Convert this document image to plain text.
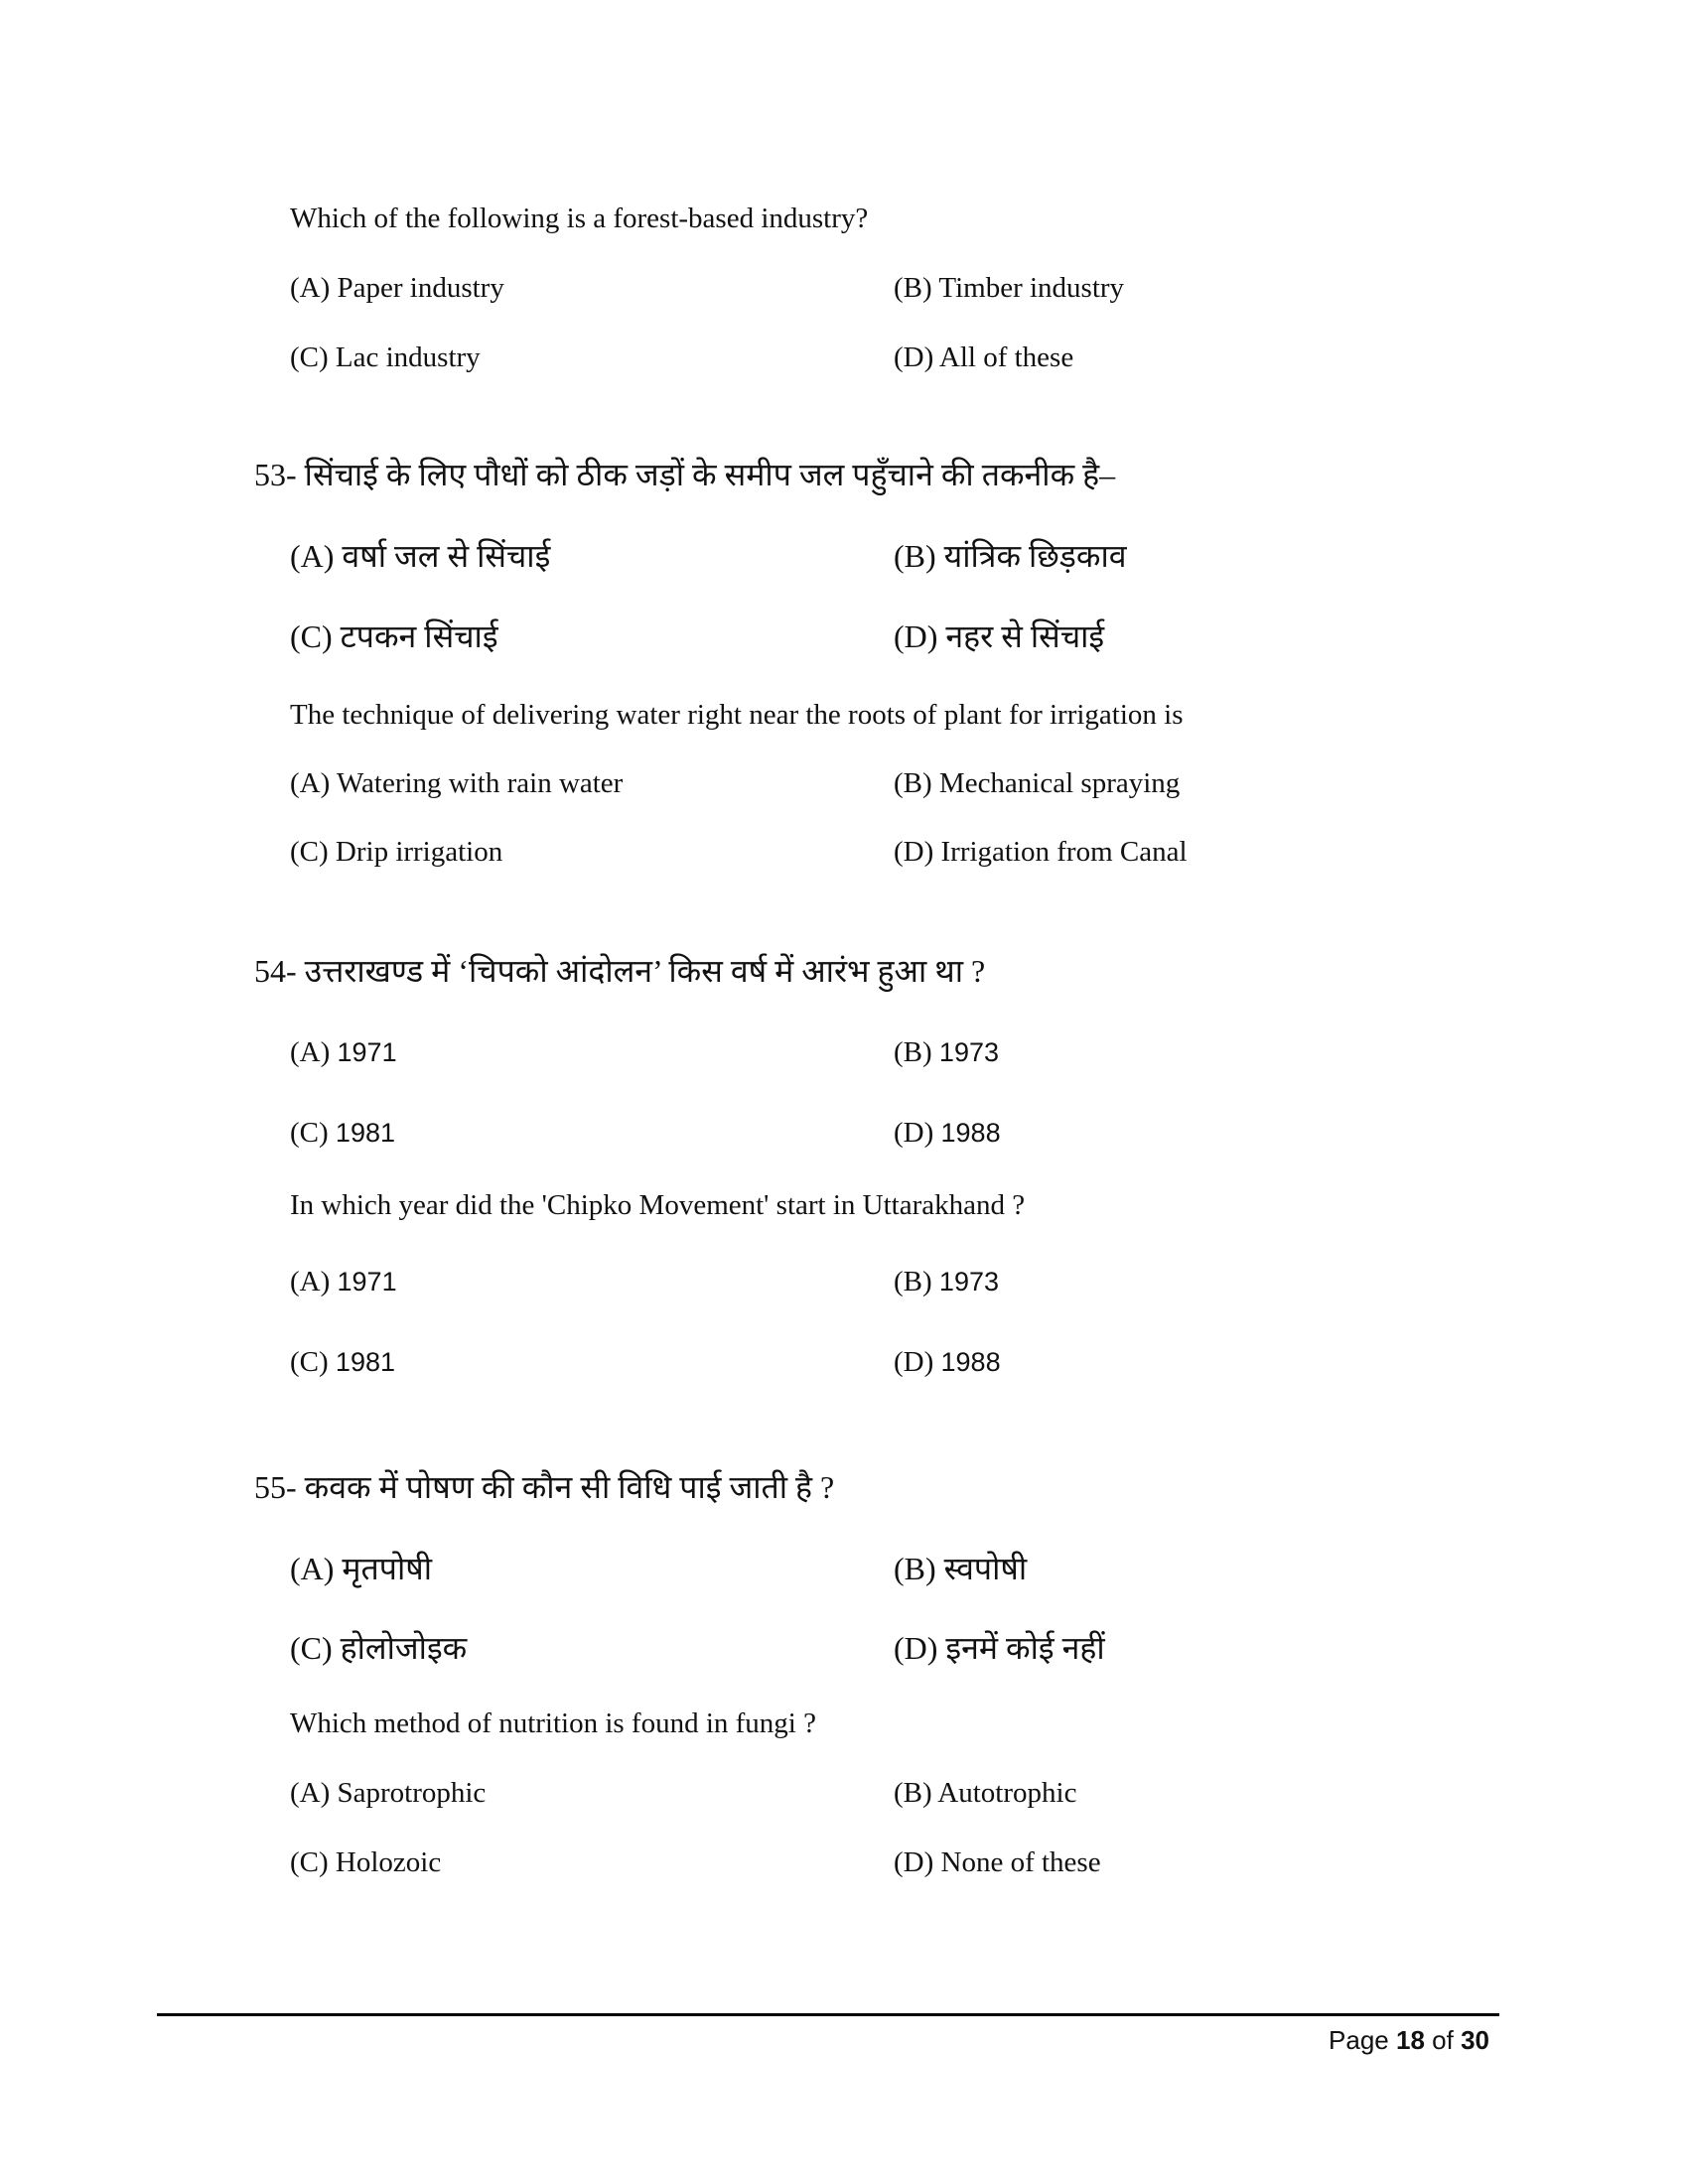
Which of the following is a forest-based industry?
(A) Paper industry	(B) Timber industry
(C) Lac industry	(D) All of these
53- सिंचाई के लिए पौधों को ठीक जड़ों के समीप जल पहुँचाने की तकनीक है–
(A) वर्षा जल से सिंचाई	(B) यांत्रिक छिड़काव
(C) टपकन सिंचाई	(D) नहर से सिंचाई
The technique of delivering water right near the roots of plant for irrigation is
(A) Watering with rain water	(B) Mechanical spraying
(C) Drip irrigation	(D) Irrigation from Canal
54- उत्तराखण्ड में ‘चिपको आंदोलन’ किस वर्ष में आरंभ हुआ था ?
(A) 1971	(B) 1973
(C) 1981	(D) 1988
In which year did the 'Chipko Movement' start in Uttarakhand ?
(A) 1971	(B) 1973
(C) 1981	(D) 1988
55- कवक में पोषण की कौन सी विधि पाई जाती है ?
(A) मृतपोषी	(B) स्वपोषी
(C) होलोजोइक	(D) इनमें कोई नहीं
Which method of nutrition is found in fungi ?
(A) Saprotrophic	(B) Autotrophic
(C) Holozoic	(D) None of these
Page 18 of 30
